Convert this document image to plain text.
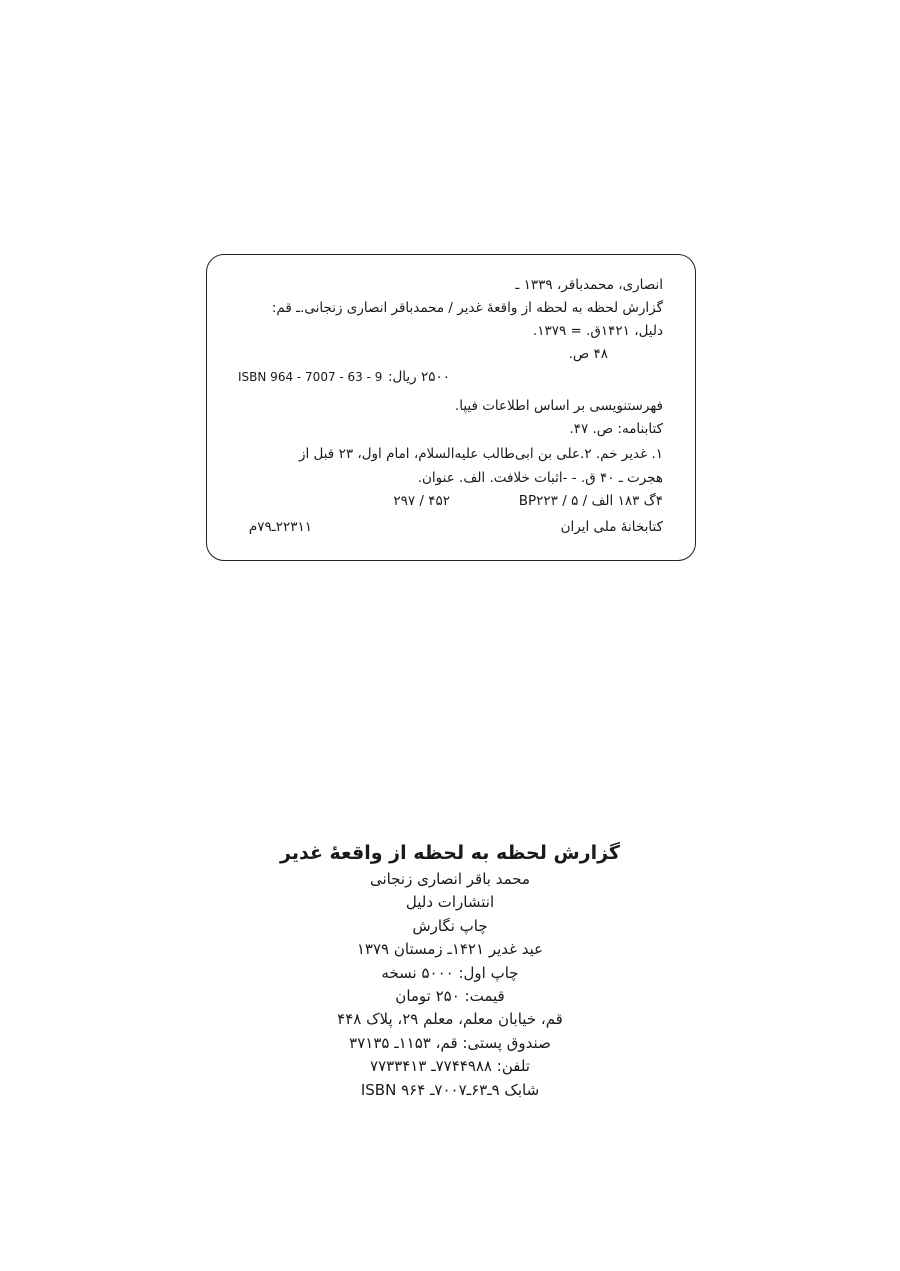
انصاری، محمدباقر، ۱۳۳۹ ـ
گزارش لحظه به لحظه از واقعهٔ غدیر / محمدباقر انصاری زنجانی.ـ قم:
دلیل، ۱۴۲۱ق. = ۱۳۷۹.
۴۸ ص.
۲۵۰۰ ریال:
ISBN 964 - 7007 - 63 - 9
فهرستنویسی بر اساس اطلاعات فیپا.
کتابنامه: ص. ۴۷.
۱. غدیر خم. ۲.علی بن ابی‌طالب علیه‌السلام، امام اول، ۲۳ قبل از
هجرت ـ ۴۰ ق. - -اثبات خلافت. الف. عنوان.
۴گ ۱۸۳ الف / ۵ / BP۲۲۳
۲۹۷ / ۴۵۲
کتابخانهٔ ملی ایران
۲۲۳۱۱ـ۷۹م
گزارش لحظه به لحظه از واقعهٔ غدیر
محمد باقر انصاری زنجانی
انتشارات دلیل
چاپ نگارش
عید غدیر ۱۴۲۱ـ زمستان ۱۳۷۹
چاپ اول: ۵۰۰۰ نسخه
قیمت: ۲۵۰ تومان
قم، خیابان معلم، معلم ۲۹، پلاک ۴۴۸
صندوق پستی: قم، ۱۱۵۳ـ ۳۷۱۳۵
تلفن: ۷۷۴۴۹۸۸ـ ۷۷۳۳۴۱۳
شابک ۹ـ۶۳ـ۷۰۰۷ـ ۹۶۴ ISBN
